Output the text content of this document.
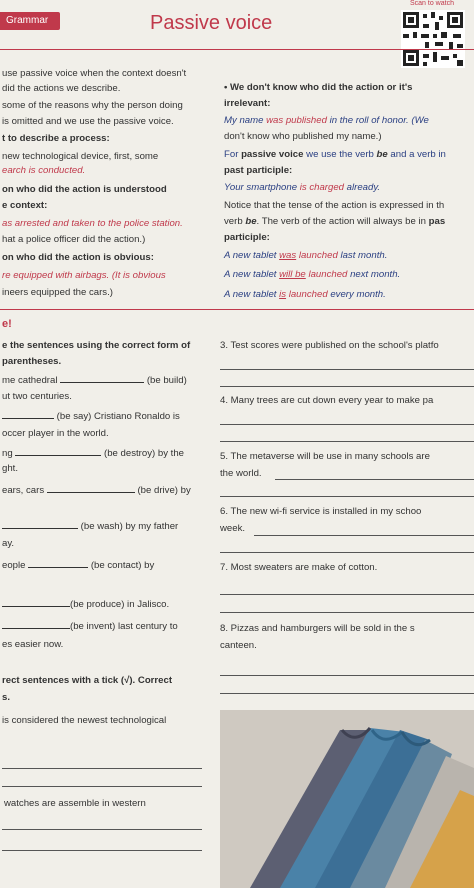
Grammar	Passive voice
Scan to watch
use passive voice when the context doesn't
did the actions we describe.
some of the reasons why the person doing
is omitted and we use the passive voice.
t to describe a process:
new technological device, first, some
earch is conducted.
on who did the action is understood
e context:
as arrested and taken to the police station.
hat a police officer did the action.)
on who did the action is obvious:
re equipped with airbags. (It is obvious
ineers equipped the cars.)
• We don't know who did the action or it's
irrelevant:
My name was published in the roll of honor. (We
don't know who published my name.)
For passive voice we use the verb be and a verb in
past participle:
Your smartphone is charged already.
Notice that the tense of the action is expressed in th
verb be. The verb of the action will always be in pas
participle:
A new tablet was launched last month.
A new tablet will be launched next month.
A new tablet is launched every month.
e!
e the sentences using the correct form of
parentheses.
me cathedral	(be build)
ut two centuries.
(be say) Cristiano Ronaldo is
occer player in the world.
ng	(be destroy) by the
ght.
ears, cars	(be drive) by
(be wash) by my father
ay.
eople	(be contact) by
(be produce) in Jalisco.
(be invent) last century to
es easier now.
rect sentences with a tick (√). Correct
s.
is considered the newest technological
watches are assemble in western
3. Test scores were published on the school's platfo
4. Many trees are cut down every year to make pa
5. The metaverse will be use in many schools are
the world.
6. The new wi-fi service is installed in my schoo
week.
7. Most sweaters are make of cotton.
8. Pizzas and hamburgers will be sold in the s
canteen.
